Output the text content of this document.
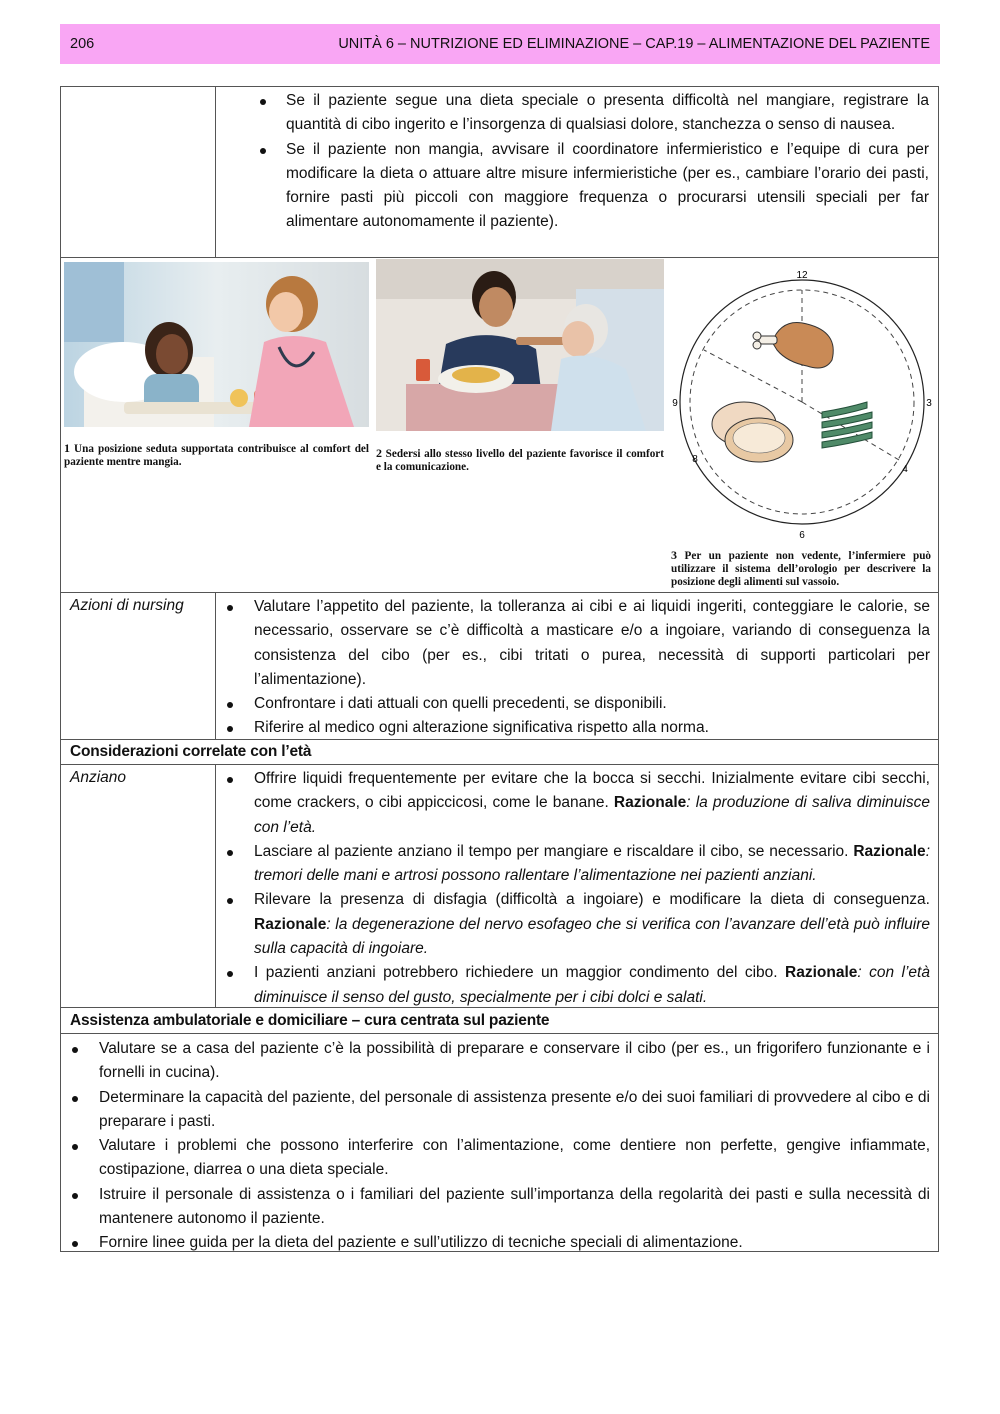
206	UNITÀ 6 – NUTRIZIONE ED ELIMINAZIONE – CAP.19 – ALIMENTAZIONE DEL PAZIENTE
Se il paziente segue una dieta speciale o presenta difficoltà nel mangiare, registrare la quantità di cibo ingerito e l’insorgenza di qualsiasi dolore, stanchezza o senso di nausea.
Se il paziente non mangia, avvisare il coordinatore infermieristico e l’equipe di cura per modificare la dieta o attuare altre misure infermieristiche (per es., cambiare l’orario dei pasti, fornire pasti più piccoli con maggiore frequenza o procurarsi utensili speciali per far alimentare autonomamente il paziente).
1 Una posizione seduta supportata contribuisce al comfort del paziente mentre mangia.
2 Sedersi allo stesso livello del paziente favorisce il comfort e la comunicazione.
12
3
4
6
8
9
3 Per un paziente non vedente, l’infermiere può utilizzare il sistema dell’orologio per descrivere la posizione degli alimenti sul vassoio.
Azioni di nursing	Valutare l’appetito del paziente, la tolleranza ai cibi e ai liquidi ingeriti, conteggiare le calorie, se necessario, osservare se c’è difficoltà a masticare e/o a ingoiare, variando di conseguenza la consistenza del cibo (per es., cibi tritati o purea, necessità di supporti particolari per l’alimentazione).
Confrontare i dati attuali con quelli precedenti, se disponibili.
Riferire al medico ogni alterazione significativa rispetto alla norma.
Considerazioni correlate con l’età
Anziano	Offrire liquidi frequentemente per evitare che la bocca si secchi. Inizialmente evitare cibi secchi, come crackers, o cibi appiccicosi, come le banane. Razionale: la produzione di saliva diminuisce con l’età.
Lasciare al paziente anziano il tempo per mangiare e riscaldare il cibo, se necessario. Razionale: tremori delle mani e artrosi possono rallentare l’alimentazione nei pazienti anziani.
Rilevare la presenza di disfagia (difficoltà a ingoiare) e modificare la dieta di conseguenza. Razionale: la degenerazione del nervo esofageo che si verifica con l’avanzare dell’età può influire sulla capacità di ingoiare.
I pazienti anziani potrebbero richiedere un maggior condimento del cibo. Razionale: con l’età diminuisce il senso del gusto, specialmente per i cibi dolci e salati.
Assistenza ambulatoriale e domiciliare – cura centrata sul paziente
Valutare se a casa del paziente c’è la possibilità di preparare e conservare il cibo (per es., un frigorifero funzionante e i fornelli in cucina).
Determinare la capacità del paziente, del personale di assistenza presente e/o dei suoi familiari di provvedere al cibo e di preparare i pasti.
Valutare i problemi che possono interferire con l’alimentazione, come dentiere non perfette, gengive infiammate, costipazione, diarrea o una dieta speciale.
Istruire il personale di assistenza o i familiari del paziente sull’importanza della regolarità dei pasti e sulla necessità di mantenere autonomo il paziente.
Fornire linee guida per la dieta del paziente e sull’utilizzo di tecniche speciali di alimentazione.
